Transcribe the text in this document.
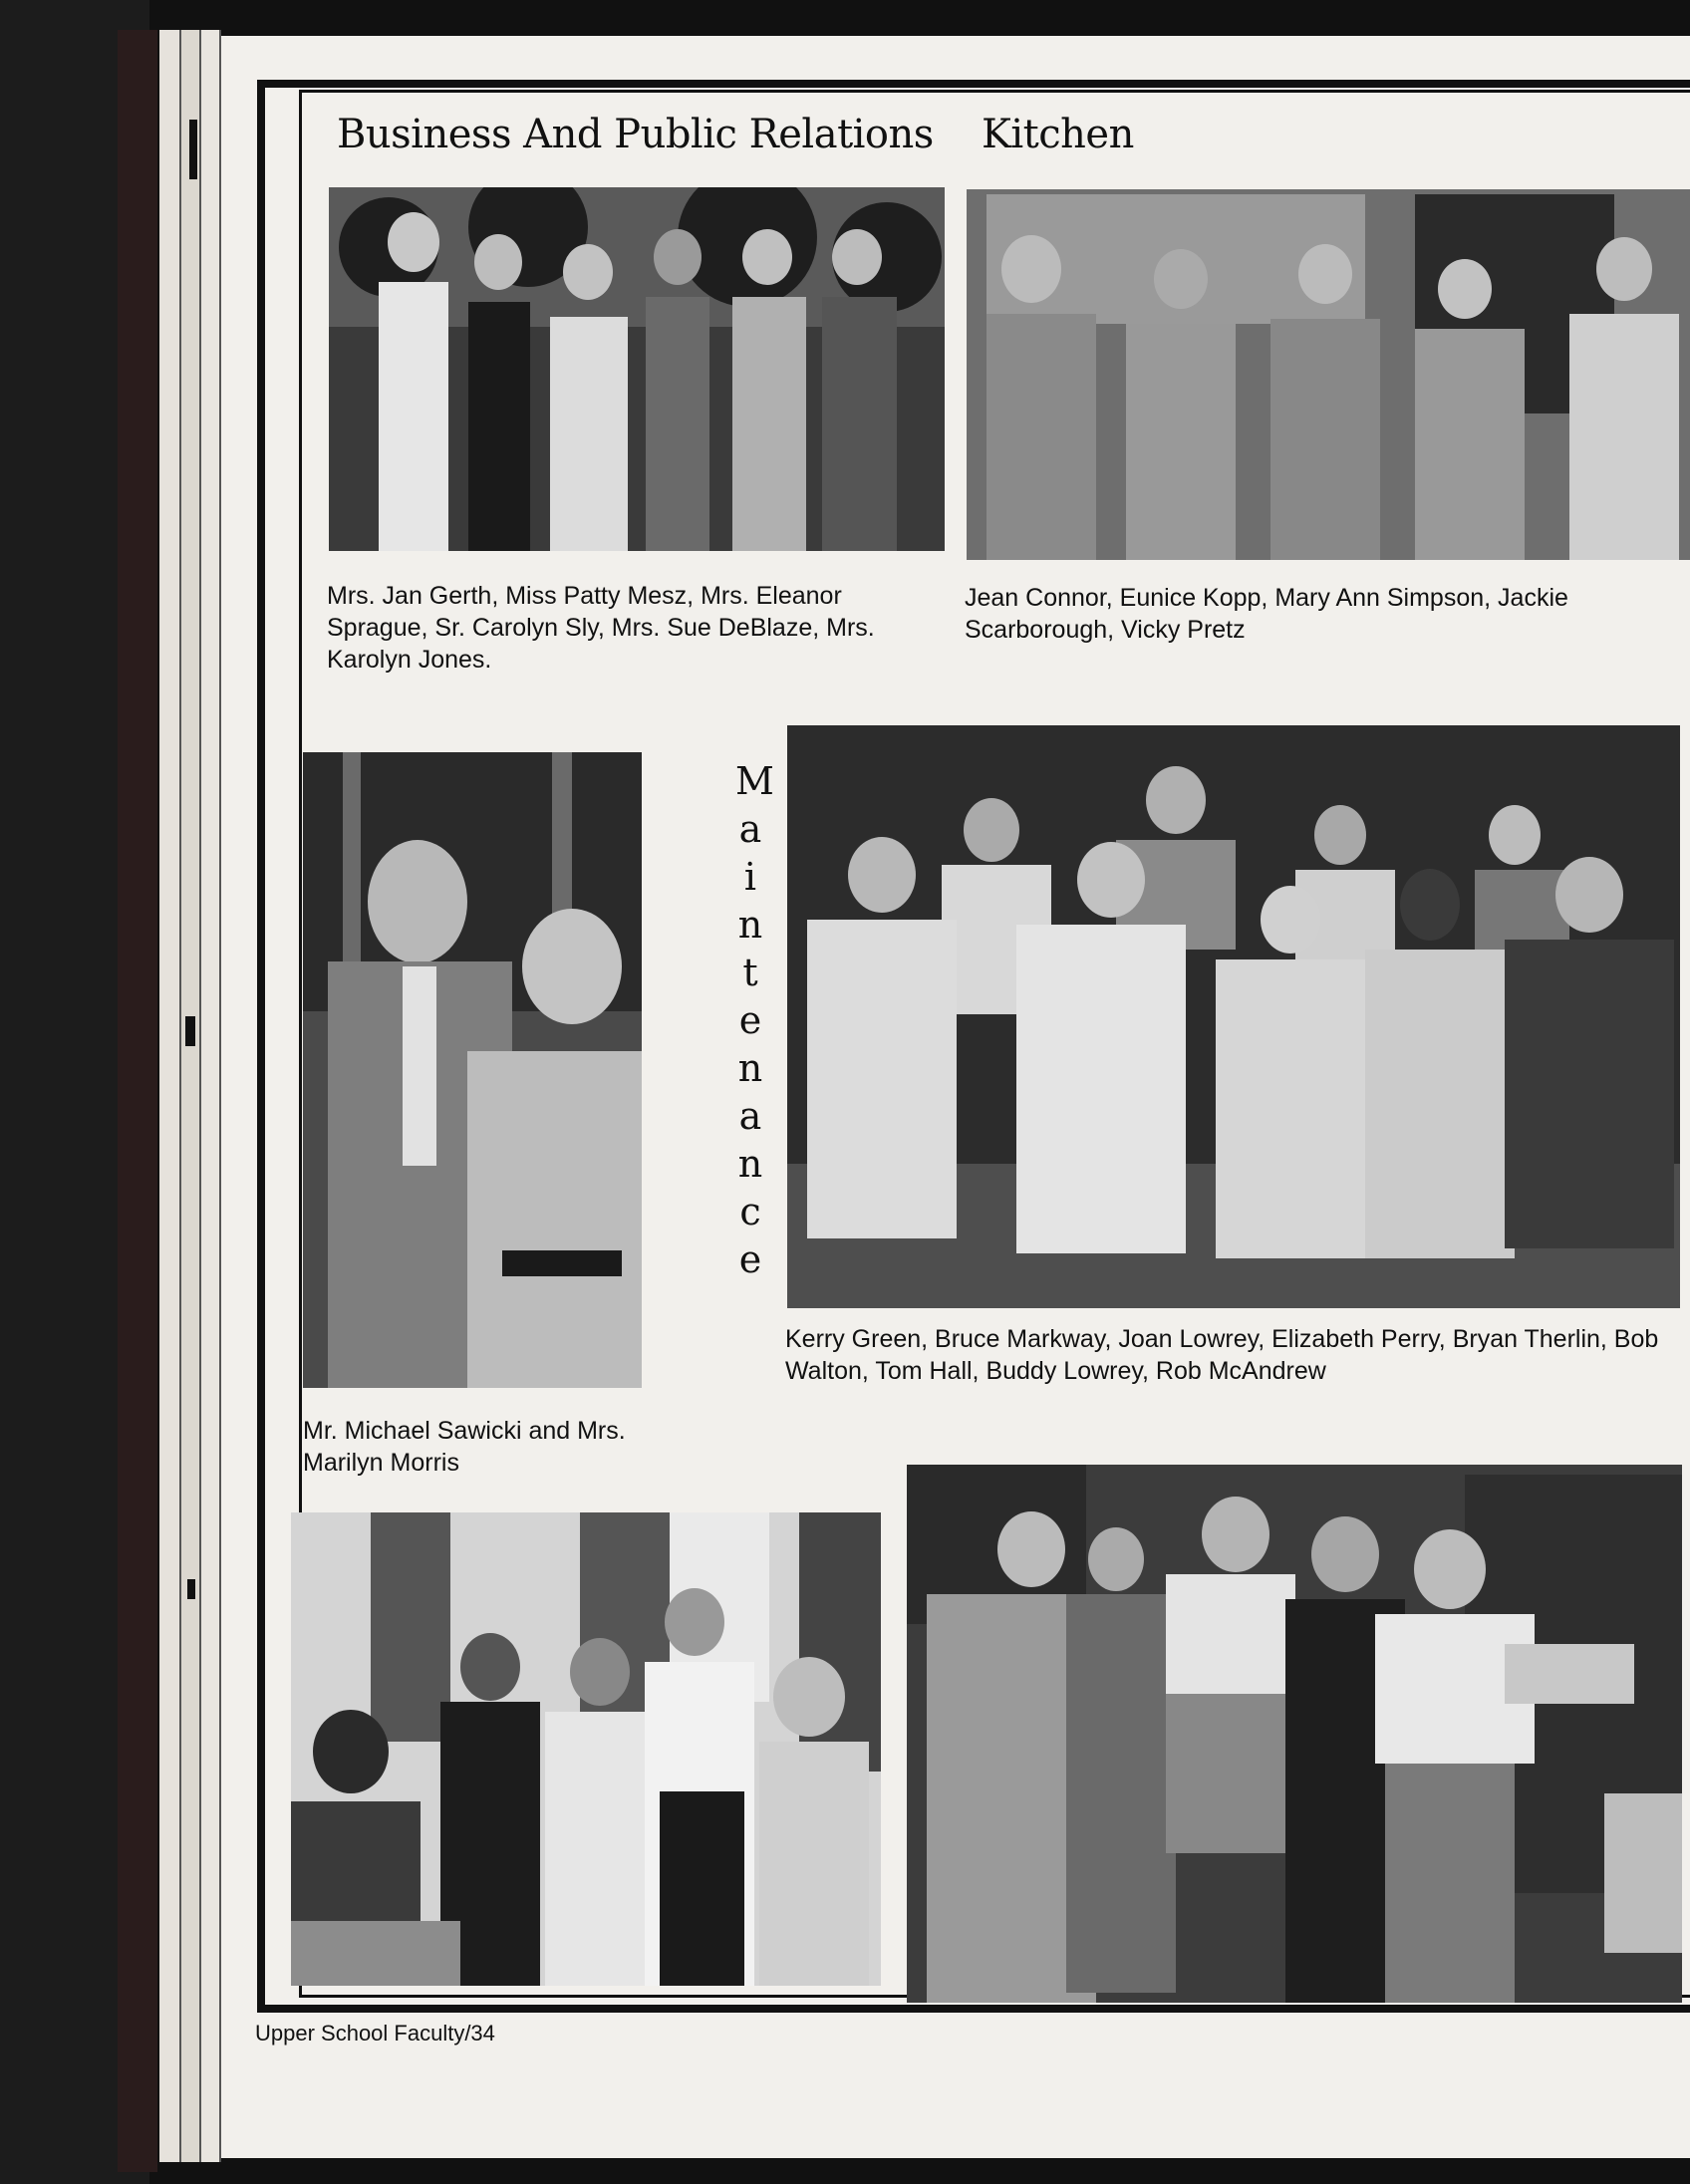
Business And Public Relations Kitchen

Mrs. Jan Gerth, Miss Patty Mesz, Mrs. Eleanor Sprague, Sr. Carolyn Sly, Mrs. Sue DeBlaze, Mrs. Karolyn Jones.

Jean Connor, Eunice Kopp, Mary Ann Simpson, Jackie Scarborough, Vicky Pretz

M
a
i
n
t
e
n
a
n
c
e

Kerry Green, Bruce Markway, Joan Lowrey, Elizabeth Perry, Bryan Therlin, Bob Walton, Tom Hall, Buddy Lowrey, Rob McAndrew

Mr. Michael Sawicki and Mrs. Marilyn Morris

Upper School Faculty/34
